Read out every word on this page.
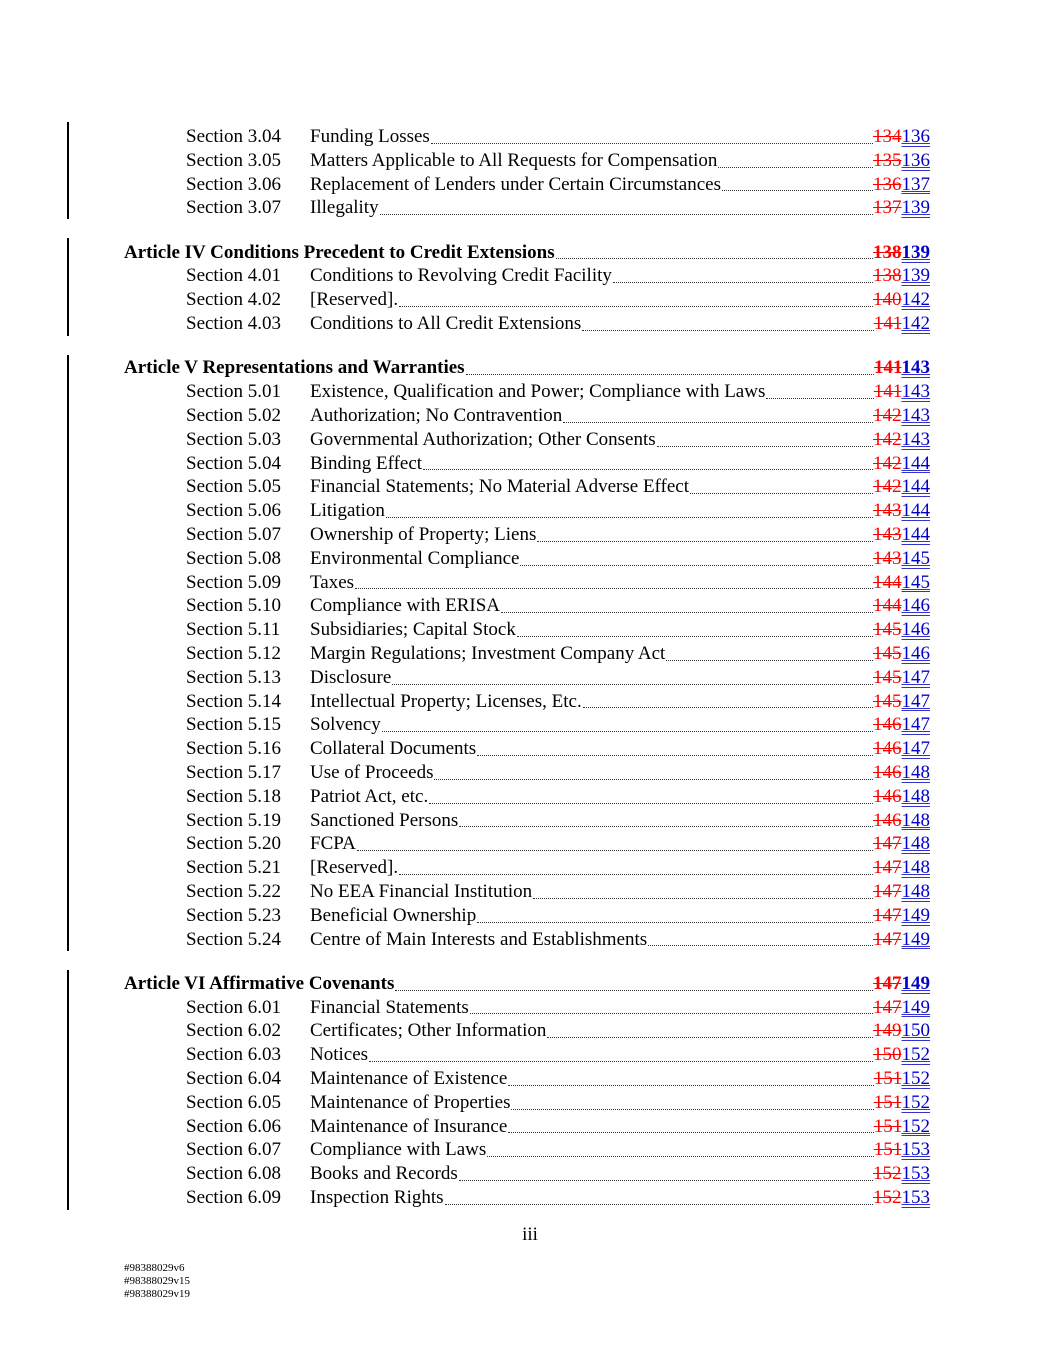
Section 3.04	Funding Losses	134136
Section 3.05	Matters Applicable to All Requests for Compensation	135136
Section 3.06	Replacement of Lenders under Certain Circumstances	136137
Section 3.07	Illegality	137139
Article IV Conditions Precedent to Credit Extensions	138139
Section 4.01	Conditions to Revolving Credit Facility	138139
Section 4.02	[Reserved].	140142
Section 4.03	Conditions to All Credit Extensions	141142
Article V Representations and Warranties	141143
Section 5.01	Existence, Qualification and Power; Compliance with Laws	141143
Section 5.02	Authorization; No Contravention	142143
Section 5.03	Governmental Authorization; Other Consents	142143
Section 5.04	Binding Effect	142144
Section 5.05	Financial Statements; No Material Adverse Effect	142144
Section 5.06	Litigation	143144
Section 5.07	Ownership of Property; Liens	143144
Section 5.08	Environmental Compliance	143145
Section 5.09	Taxes	144145
Section 5.10	Compliance with ERISA	144146
Section 5.11	Subsidiaries; Capital Stock	145146
Section 5.12	Margin Regulations; Investment Company Act	145146
Section 5.13	Disclosure	145147
Section 5.14	Intellectual Property; Licenses, Etc.	145147
Section 5.15	Solvency	146147
Section 5.16	Collateral Documents	146147
Section 5.17	Use of Proceeds	146148
Section 5.18	Patriot Act, etc.	146148
Section 5.19	Sanctioned Persons	146148
Section 5.20	FCPA	147148
Section 5.21	[Reserved].	147148
Section 5.22	No EEA Financial Institution	147148
Section 5.23	Beneficial Ownership	147149
Section 5.24	Centre of Main Interests and Establishments	147149
Article VI Affirmative Covenants	147149
Section 6.01	Financial Statements	147149
Section 6.02	Certificates; Other Information	149150
Section 6.03	Notices	150152
Section 6.04	Maintenance of Existence	151152
Section 6.05	Maintenance of Properties	151152
Section 6.06	Maintenance of Insurance	151152
Section 6.07	Compliance with Laws	151153
Section 6.08	Books and Records	152153
Section 6.09	Inspection Rights	152153
iii
#98388029v6
#98388029v15
#98388029v19
